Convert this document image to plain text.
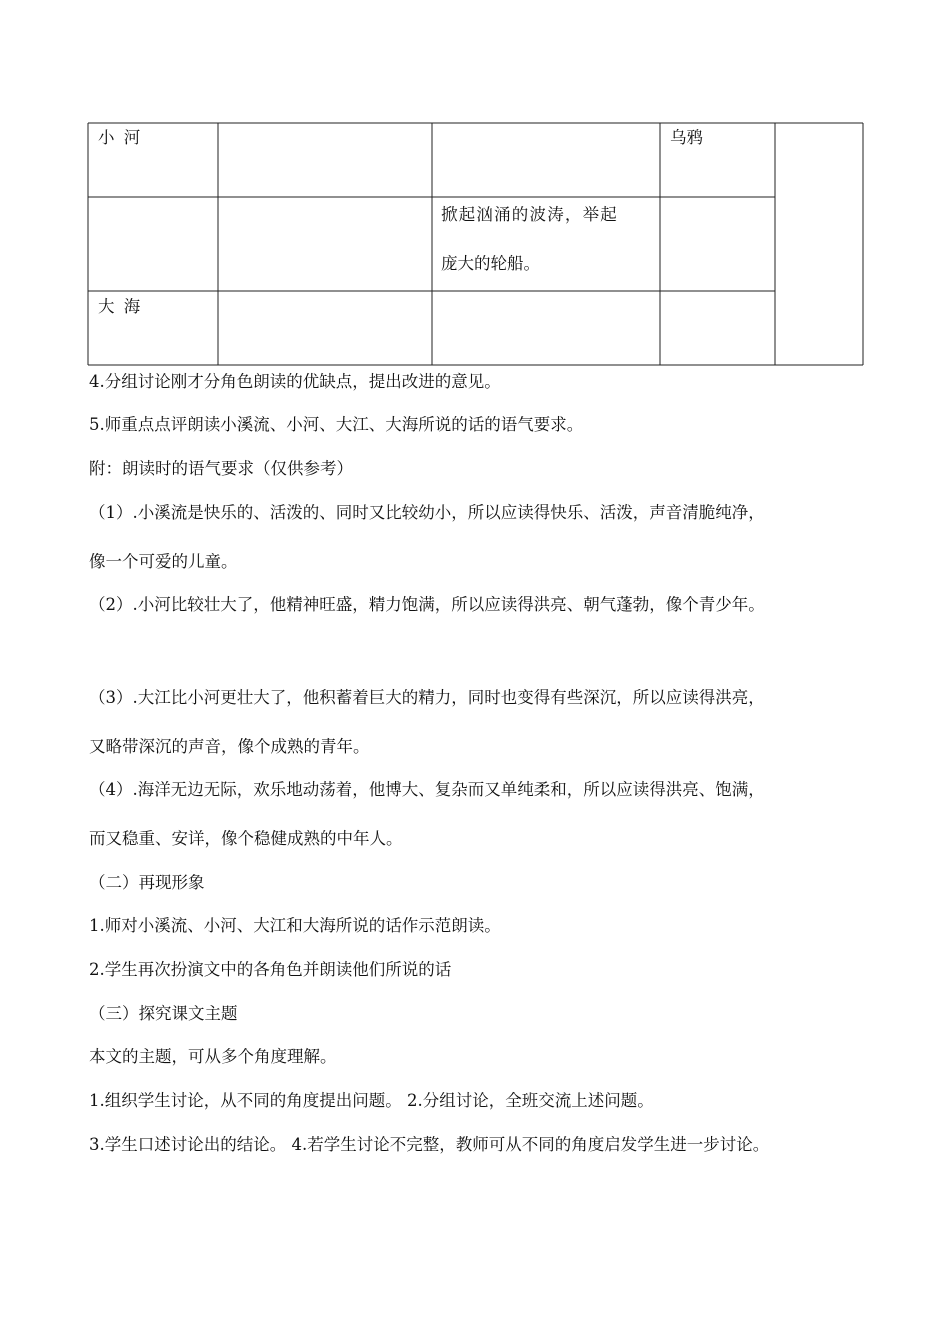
小 河	乌鸦
掀起汹涌的波涛，举起
庞大的轮船。
大 海
4.分组讨论刚才分角色朗读的优缺点，提出改进的意见。
5.师重点点评朗读小溪流、小河、大江、大海所说的话的语气要求。
附：朗读时的语气要求（仅供参考）
（1）.小溪流是快乐的、活泼的、同时又比较幼小，所以应读得快乐、活泼，声音清脆纯净，
像一个可爱的儿童。
（2）.小河比较壮大了，他精神旺盛，精力饱满，所以应读得洪亮、朝气蓬勃，像个青少年。
（3）.大江比小河更壮大了，他积蓄着巨大的精力，同时也变得有些深沉，所以应读得洪亮，
又略带深沉的声音，像个成熟的青年。
（4）.海洋无边无际，欢乐地动荡着，他博大、复杂而又单纯柔和，所以应读得洪亮、饱满，
而又稳重、安详，像个稳健成熟的中年人。
（二）再现形象
1.师对小溪流、小河、大江和大海所说的话作示范朗读。
2.学生再次扮演文中的各角色并朗读他们所说的话
（三）探究课文主题
本文的主题，可从多个角度理解。
1.组织学生讨论，从不同的角度提出问题。 2.分组讨论，全班交流上述问题。
3.学生口述讨论出的结论。 4.若学生讨论不完整，教师可从不同的角度启发学生进一步讨论。
